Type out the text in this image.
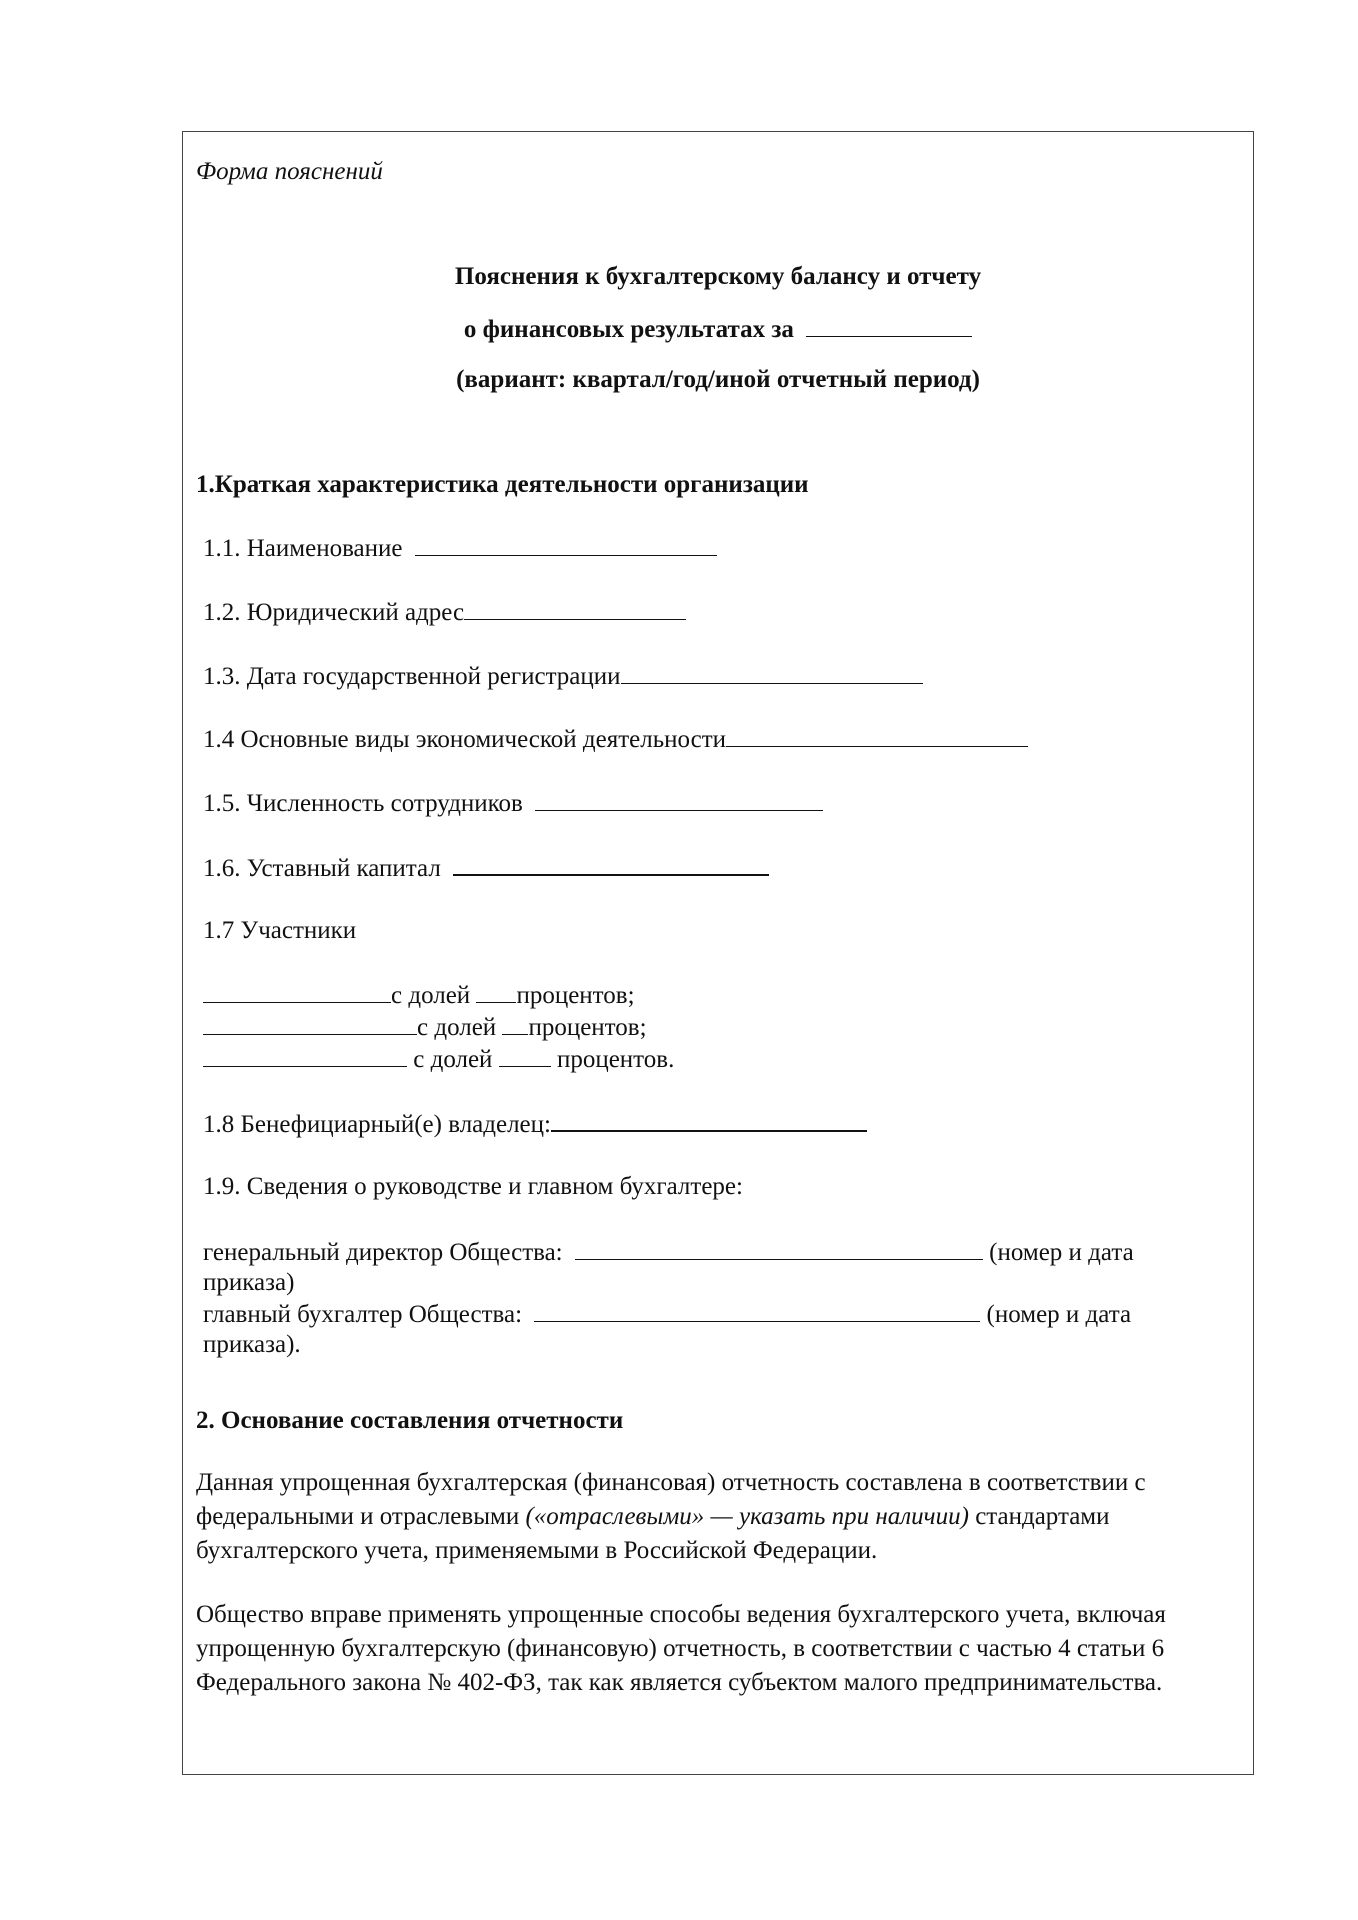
Форма пояснений
Пояснения к бухгалтерскому балансу и отчету
о финансовых результатах за
(вариант: квартал/год/иной отчетный период)
1.Краткая характеристика деятельности организации
1.1. Наименование
1.2. Юридический адрес
1.3. Дата государственной регистрации
1.4 Основные виды экономической деятельности
1.5. Численность сотрудников
1.6. Уставный капитал
1.7 Участники
с долей процентов;
с долей процентов;
с долей	процентов.
1.8 Бенефициарный(е) владелец:
1.9. Сведения о руководстве и главном бухгалтере:
генеральный директор Общества:	(номер и дата
приказа)
главный бухгалтер Общества:	(номер и дата
приказа).
2. Основание составления отчетности
Данная упрощенная бухгалтерская (финансовая) отчетность составлена в соответствии с федеральными и отраслевыми («отраслевыми» — указать при наличии) стандартами бухгалтерского учета, применяемыми в Российской Федерации.
Общество вправе применять упрощенные способы ведения бухгалтерского учета, включая упрощенную бухгалтерскую (финансовую) отчетность, в соответствии с частью 4 статьи 6 Федерального закона № 402-ФЗ, так как является субъектом малого предпринимательства.
